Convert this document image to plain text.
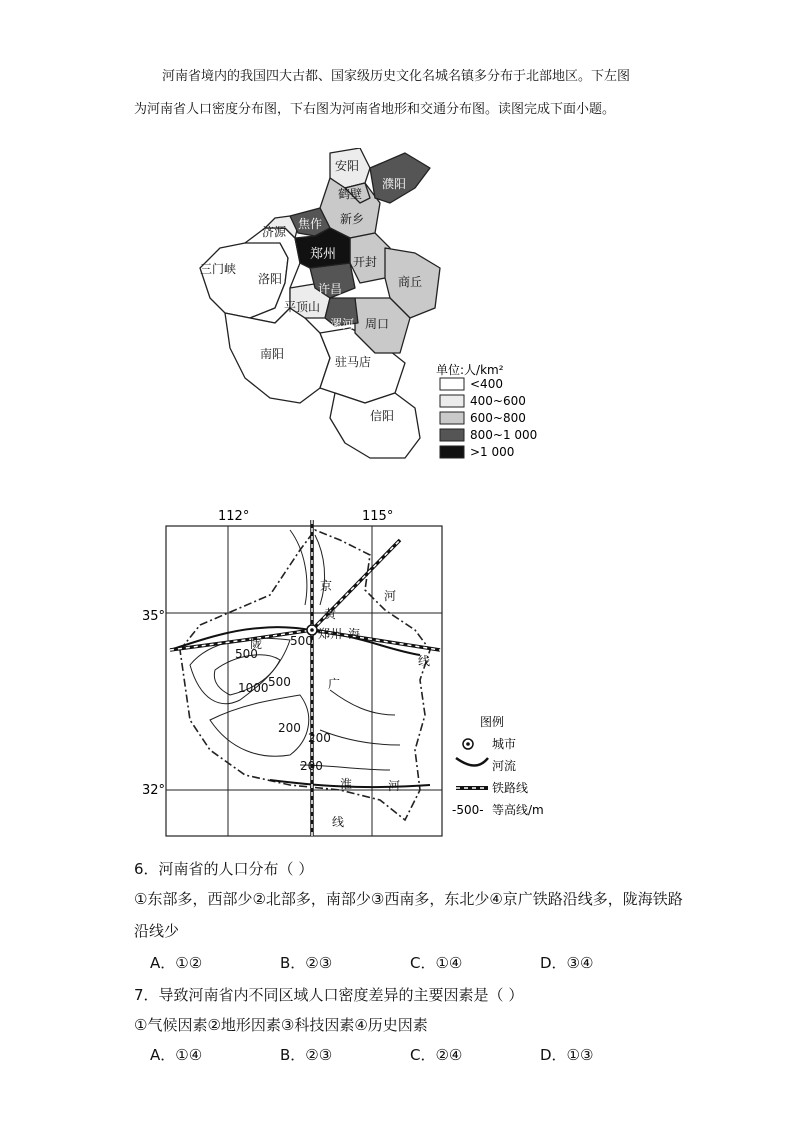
河南省境内的我国四大古都、国家级历史文化名城名镇多分布于北部地区。下左图

为河南省人口密度分布图，下右图为河南省地形和交通分布图。读图完成下面小题。

安阳
鹤壁
濮阳
新乡
济源
焦作
三门峡
郑州 开封
洛阳
许昌	商丘
平顶山
漯河 周口
南阳
驻马店
信阳
单位:人/km²
<400
400~600
600~800
800~1 000
>1 000
112°	115°
35°
32°
500
500
1000 500
200
200
200
京
河
黄
郑州 海
陇
线
广
淮	河
线
图例
城市
河流
铁路线
-500- 等高线/m
6．河南省的人口分布（ ）
①东部多，西部少②北部多，南部少③西南多，东北少④京广铁路沿线多，陇海铁路
沿线少
A．①②	B．②③	C．①④	D．③④
7．导致河南省内不同区域人口密度差异的主要因素是（ ）
①气候因素②地形因素③科技因素④历史因素
A．①④	B．②③	C．②④	D．①③
